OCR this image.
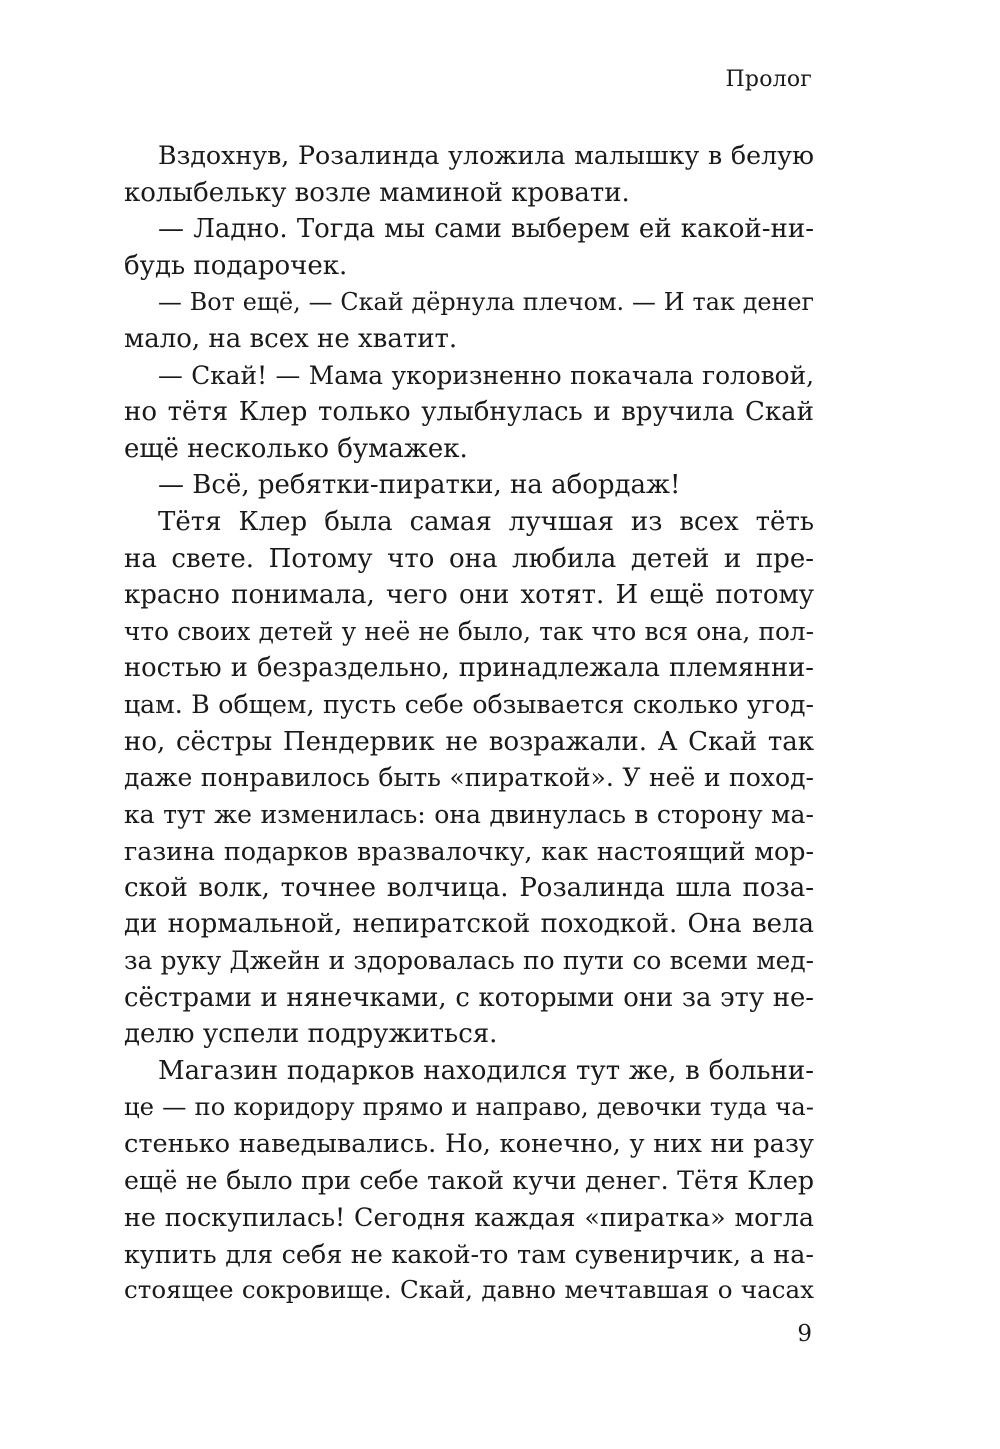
Пролог
Вздохнув, Розалинда уложила малышку в белую
колыбельку возле маминой кровати.
— Ладно. Тогда мы сами выберем ей какой-ни-
будь подарочек.
— Вот ещё, — Скай дёрнула плечом. — И так денег
мало, на всех не хватит.
— Скай! — Мама укоризненно покачала головой,
но тётя Клер только улыбнулась и вручила Скай
ещё несколько бумажек.
— Всё, ребятки-пиратки, на абордаж!
Тётя Клер была самая лучшая из всех тёть
на свете. Потому что она любила детей и пре-
красно понимала, чего они хотят. И ещё потому
что своих детей у неё не было, так что вся она, пол-
ностью и безраздельно, принадлежала племянни-
цам. В общем, пусть себе обзывается сколько угод-
но, сёстры Пендервик не возражали. А Скай так
даже понравилось быть «пираткой». У неё и поход-
ка тут же изменилась: она двинулась в сторону ма-
газина подарков вразвалочку, как настоящий мор-
ской волк, точнее волчица. Розалинда шла поза-
ди нормальной, непиратской походкой. Она вела
за руку Джейн и здоровалась по пути со всеми мед-
сёстрами и нянечками, с которыми они за эту не-
делю успели подружиться.
Магазин подарков находился тут же, в больни-
це — по коридору прямо и направо, девочки туда ча-
стенько наведывались. Но, конечно, у них ни разу
ещё не было при себе такой кучи денег. Тётя Клер
не поскупилась! Сегодня каждая «пиратка» могла
купить для себя не какой-то там сувенирчик, а на-
стоящее сокровище. Скай, давно мечтавшая о часах
9
